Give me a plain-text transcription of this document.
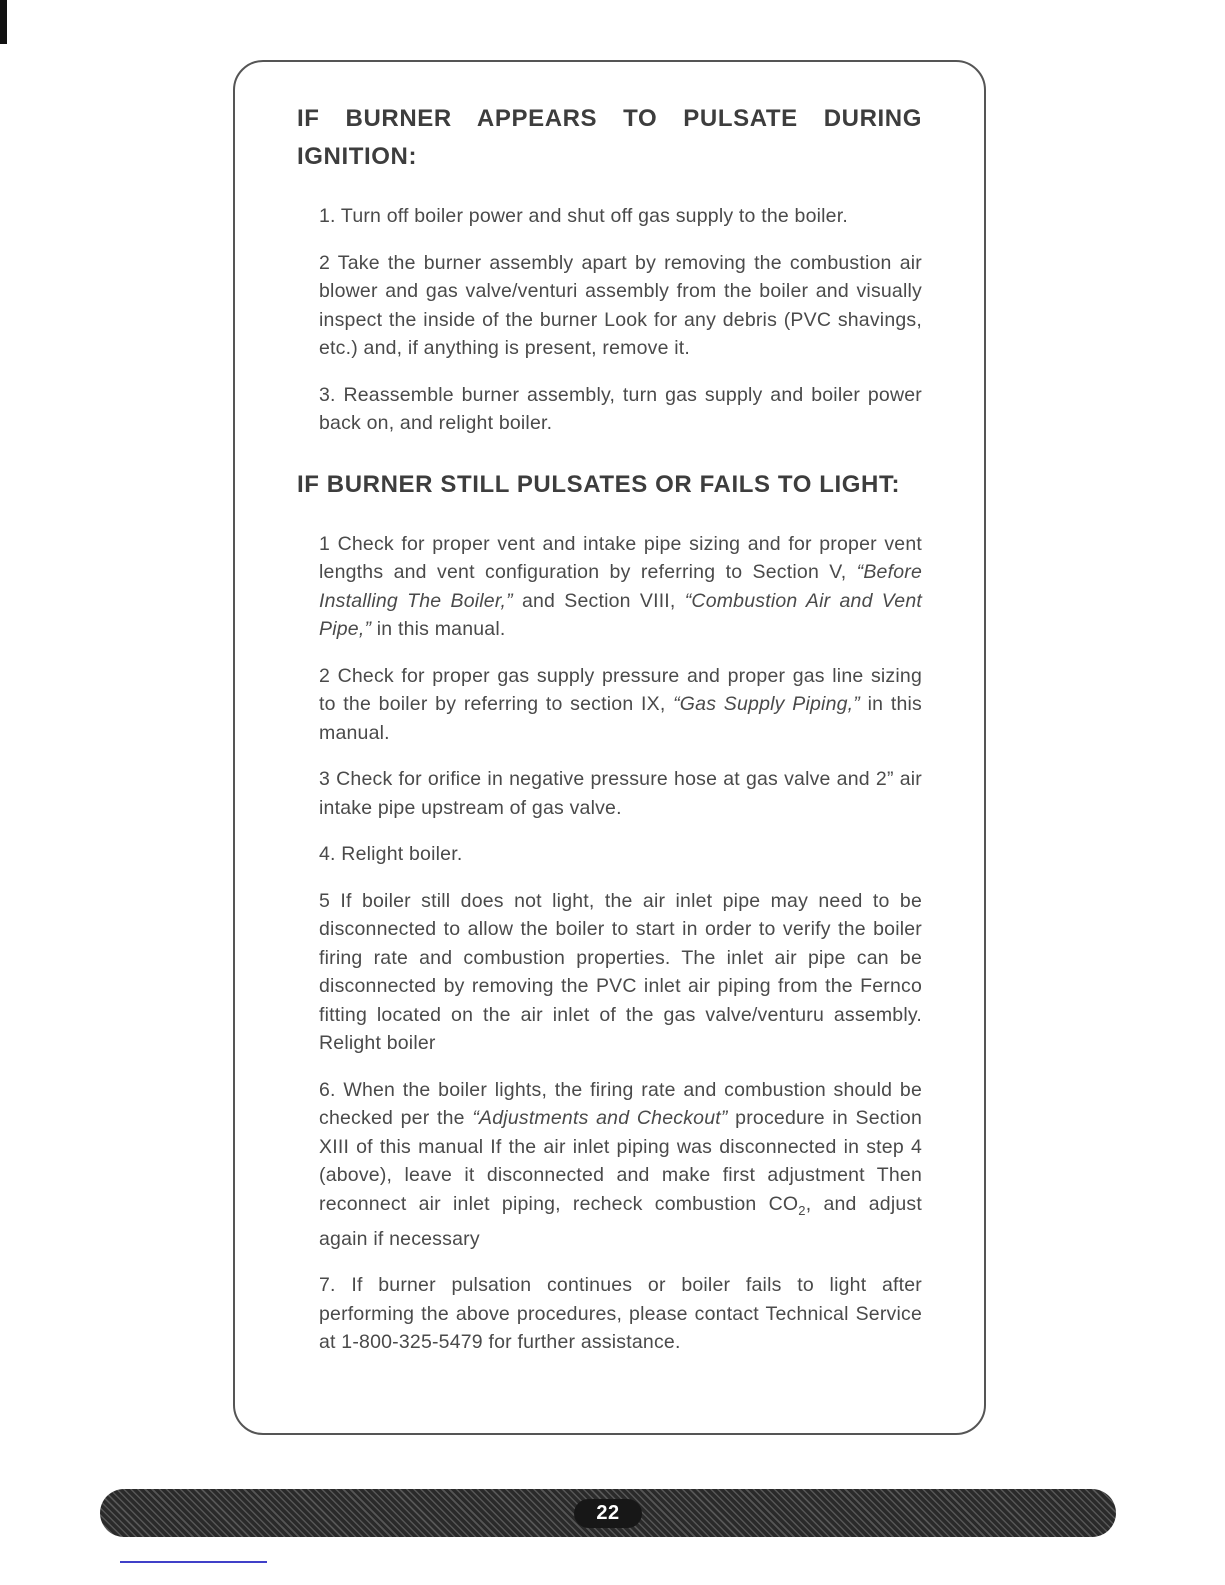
IF BURNER APPEARS TO PULSATE DURING IGNITION:

1. Turn off boiler power and shut off gas supply to the boiler.

2 Take the burner assembly apart by removing the combustion air blower and gas valve/venturi assembly from the boiler and visually inspect the inside of the burner Look for any debris (PVC shavings, etc.) and, if anything is present, remove it.

3. Reassemble burner assembly, turn gas supply and boiler power back on, and relight boiler.

IF BURNER STILL PULSATES OR FAILS TO LIGHT:

1 Check for proper vent and intake pipe sizing and for proper vent lengths and vent configuration by referring to Section V, “Before Installing The Boiler,” and Section VIII, “Combustion Air and Vent Pipe,” in this manual.

2 Check for proper gas supply pressure and proper gas line sizing to the boiler by referring to section IX, “Gas Supply Piping,” in this manual.

3 Check for orifice in negative pressure hose at gas valve and 2” air intake pipe upstream of gas valve.

4. Relight boiler.

5 If boiler still does not light, the air inlet pipe may need to be disconnected to allow the boiler to start in order to verify the boiler firing rate and combustion properties. The inlet air pipe can be disconnected by removing the PVC inlet air piping from the Fernco fitting located on the air inlet of the gas valve/venturu assembly. Relight boiler

6. When the boiler lights, the firing rate and combustion should be checked per the “Adjustments and Checkout” procedure in Section XIII of this manual If the air inlet piping was disconnected in step 4 (above), leave it disconnected and make first adjustment Then reconnect air inlet piping, recheck combustion $CO_2$, and adjust again if necessary

7. If burner pulsation continues or boiler fails to light after performing the above procedures, please contact Technical Service at 1-800-325-5479 for further assistance.

22
